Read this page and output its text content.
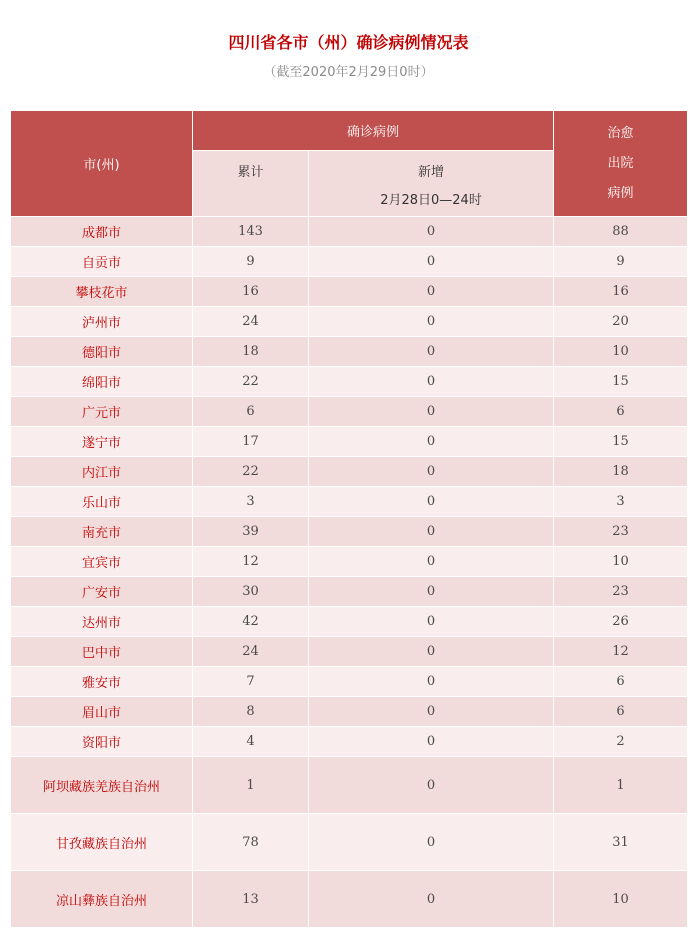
四川省各市（州）确诊病例情况表
（截至2020年2月29日0时）
市(州)	确诊病例		治愈
出院
病例

	累计	新增
2月28日0—24时	

成都市	143	0	88
自贡市	9	0	9
攀枝花市	16	0	16
泸州市	24	0	20
德阳市	18	0	10
绵阳市	22	0	15
广元市	6	0	6
遂宁市	17	0	15
内江市	22	0	18
乐山市	3	0	3
南充市	39	0	23
宜宾市	12	0	10
广安市	30	0	23
达州市	42	0	26
巴中市	24	0	12
雅安市	7	0	6
眉山市	8	0	6
资阳市	4	0	2
阿坝藏族羌族自治州	1	0	1
甘孜藏族自治州	78	0	31
凉山彝族自治州	13	0	10
